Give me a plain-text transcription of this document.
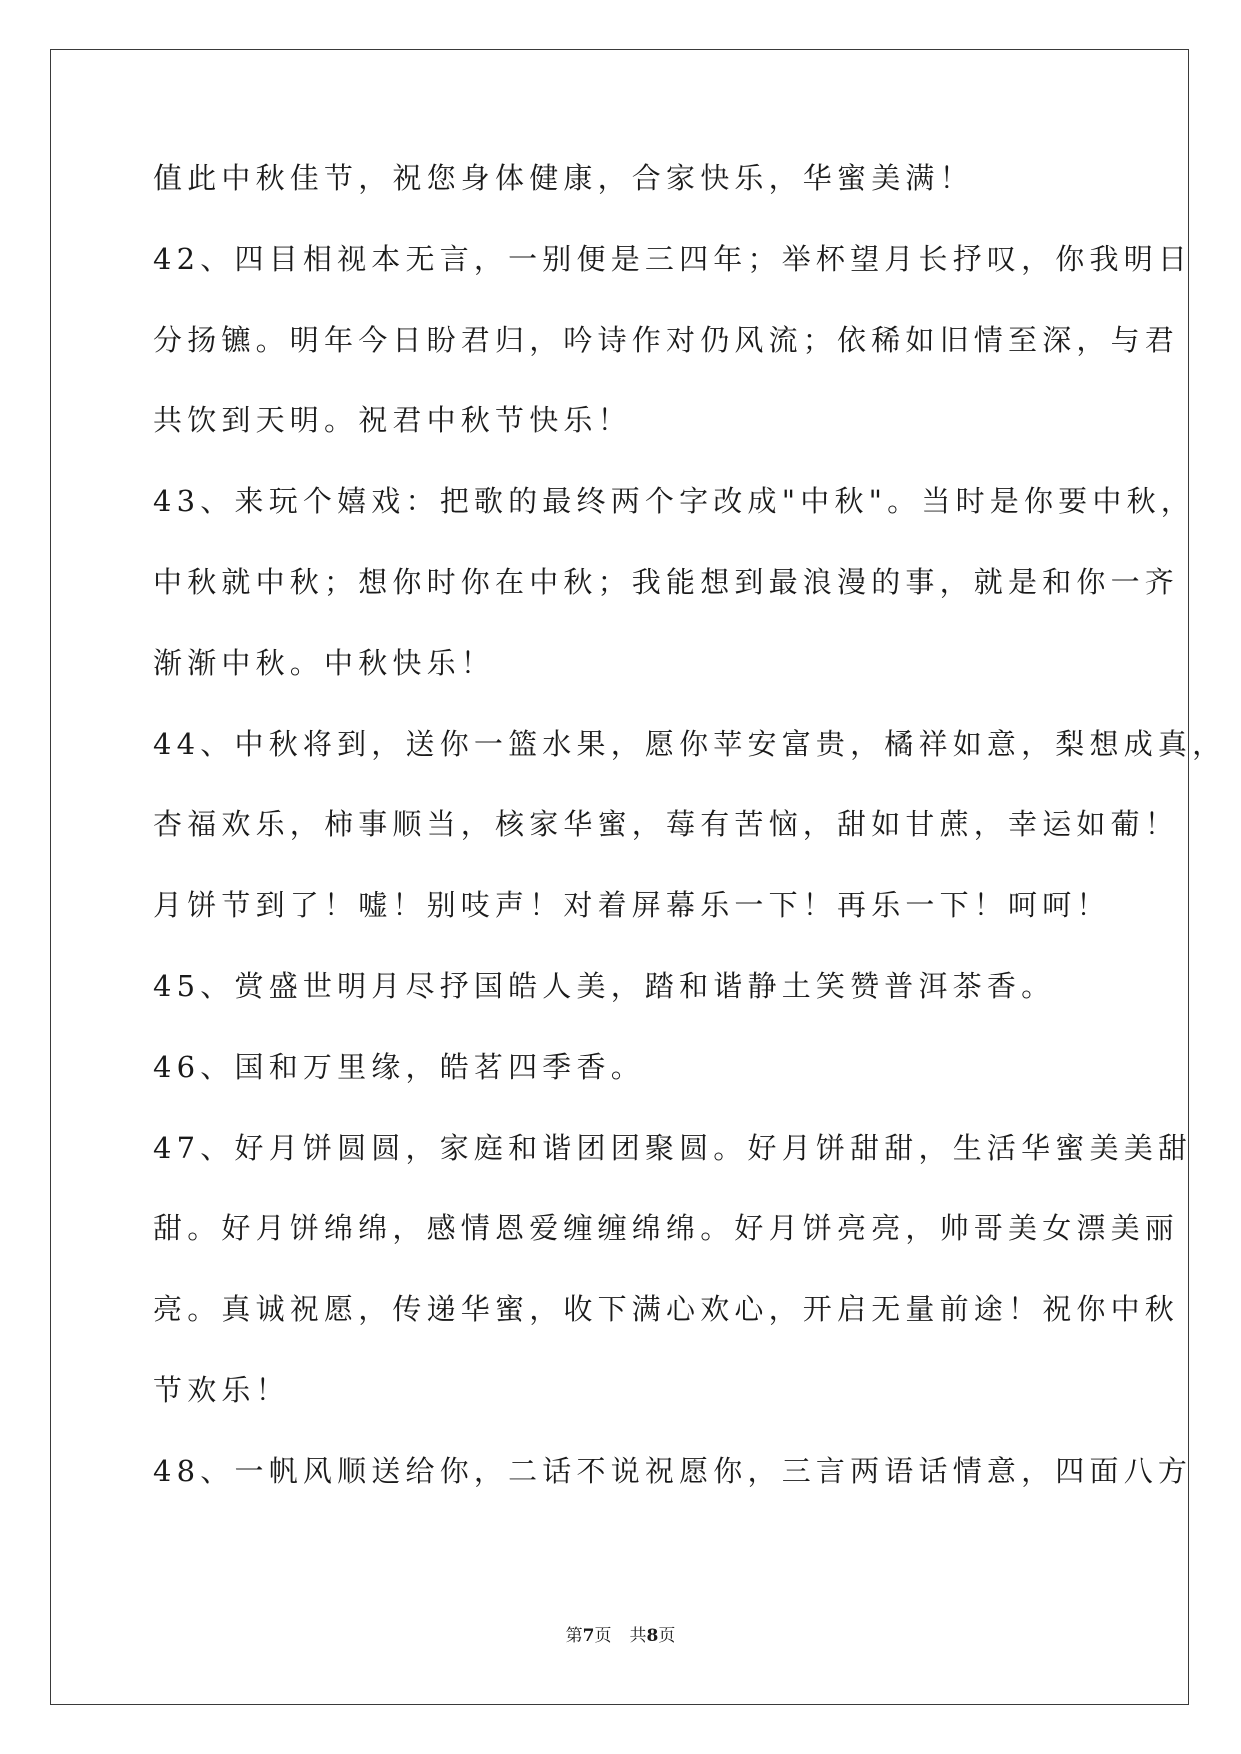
值此中秋佳节，祝您身体健康，合家快乐，华蜜美满！
42、四目相视本无言，一别便是三四年；举杯望月长抒叹，你我明日
分扬镳。明年今日盼君归，吟诗作对仍风流；依稀如旧情至深，与君
共饮到天明。祝君中秋节快乐！
43、来玩个嬉戏：把歌的最终两个字改成"中秋"。当时是你要中秋，
中秋就中秋；想你时你在中秋；我能想到最浪漫的事，就是和你一齐
渐渐中秋。中秋快乐！
44、中秋将到，送你一篮水果，愿你苹安富贵，橘祥如意，梨想成真，
杏福欢乐，柿事顺当，核家华蜜，莓有苦恼，甜如甘蔗，幸运如葡！
月饼节到了！嘘！别吱声！对着屏幕乐一下！再乐一下！呵呵！
45、赏盛世明月尽抒国皓人美，踏和谐静土笑赞普洱茶香。
46、国和万里缘，皓茗四季香。
47、好月饼圆圆，家庭和谐团团聚圆。好月饼甜甜，生活华蜜美美甜
甜。好月饼绵绵，感情恩爱缠缠绵绵。好月饼亮亮，帅哥美女漂美丽
亮。真诚祝愿，传递华蜜，收下满心欢心，开启无量前途！祝你中秋
节欢乐！
48、一帆风顺送给你，二话不说祝愿你，三言两语话情意，四面八方
第7页 共8页
